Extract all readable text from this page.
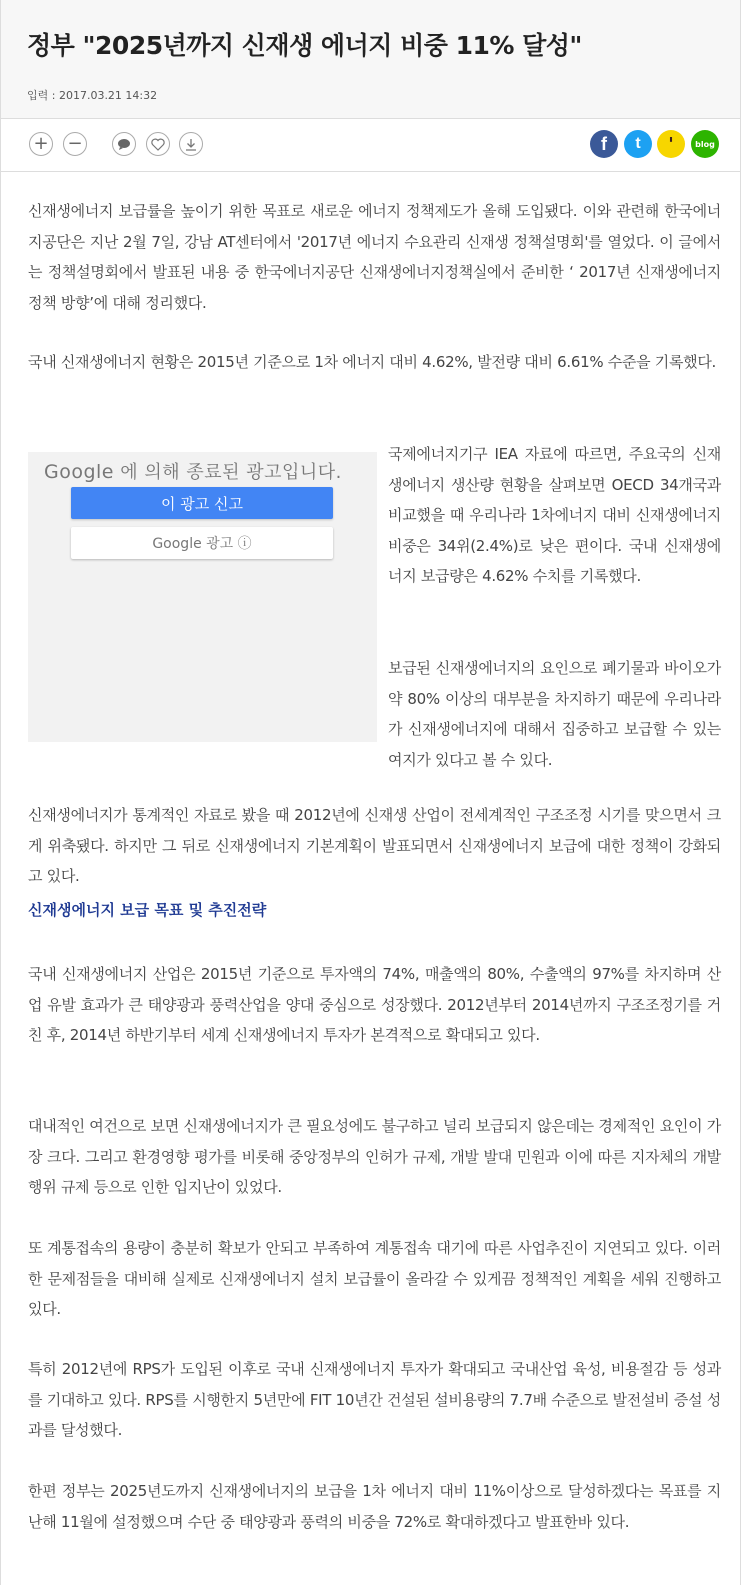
정부 "2025년까지 신재생 에너지 비중 11% 달성"
입력 : 2017.03.21 14:32
+ −	f t '	blog

신재생에너지 보급률을 높이기 위한 목표로 새로운 에너지 정책제도가 올해 도입됐다. 이와 관련해 한국에너지공단은 지난 2월 7일, 강남 AT센터에서 '2017년 에너지 수요관리 신재생 정책설명회'를 열었다. 이 글에서는 정책설명회에서 발표된 내용 중 한국에너지공단 신재생에너지정책실에서 준비한 ‘ 2017년 신재생에너지 정책 방향’에 대해 정리했다.

국내 신재생에너지 현황은 2015년 기준으로 1차 에너지 대비 4.62%, 발전량 대비 6.61% 수준을 기록했다.

Google 에 의해 종료된 광고입니다.
이 광고 신고
Google 광고 ⓘ

국제에너지기구 IEA 자료에 따르면, 주요국의 신재생에너지 생산량 현황을 살펴보면 OECD 34개국과 비교했을 때 우리나라 1차에너지 대비 신재생에너지 비중은 34위(2.4%)로 낮은 편이다. 국내 신재생에너지 보급량은 4.62% 수치를 기록했다.

보급된 신재생에너지의 요인으로 폐기물과 바이오가 약 80% 이상의 대부분을 차지하기 때문에 우리나라가 신재생에너지에 대해서 집중하고 보급할 수 있는 여지가 있다고 볼 수 있다.

신재생에너지가 통계적인 자료로 봤을 때 2012년에 신재생 산업이 전세계적인 구조조정 시기를 맞으면서 크게 위축됐다. 하지만 그 뒤로 신재생에너지 기본계획이 발표되면서 신재생에너지 보급에 대한 정책이 강화되고 있다.

신재생에너지 보급 목표 및 추진전략

국내 신재생에너지 산업은 2015년 기준으로 투자액의 74%, 매출액의 80%, 수출액의 97%를 차지하며 산업 유발 효과가 큰 태양광과 풍력산업을 양대 중심으로 성장했다. 2012년부터 2014년까지 구조조정기를 거친 후, 2014년 하반기부터 세계 신재생에너지 투자가 본격적으로 확대되고 있다.

대내적인 여건으로 보면 신재생에너지가 큰 필요성에도 불구하고 널리 보급되지 않은데는 경제적인 요인이 가장 크다. 그리고 환경영향 평가를 비롯해 중앙정부의 인허가 규제, 개발 발대 민원과 이에 따른 지자체의 개발행위 규제 등으로 인한 입지난이 있었다.

또 계통접속의 용량이 충분히 확보가 안되고 부족하여 계통접속 대기에 따른 사업추진이 지연되고 있다. 이러한 문제점들을 대비해 실제로 신재생에너지 설치 보급률이 올라갈 수 있게끔 정책적인 계획을 세워 진행하고 있다.

특히 2012년에 RPS가 도입된 이후로 국내 신재생에너지 투자가 확대되고 국내산업 육성, 비용절감 등 성과를 기대하고 있다. RPS를 시행한지 5년만에 FIT 10년간 건설된 설비용량의 7.7배 수준으로 발전설비 증설 성과를 달성했다.

한편 정부는 2025년도까지 신재생에너지의 보급을 1차 에너지 대비 11%이상으로 달성하겠다는 목표를 지난해 11월에 설정했으며 수단 중 태양광과 풍력의 비중을 72%로 확대하겠다고 발표한바 있다.
